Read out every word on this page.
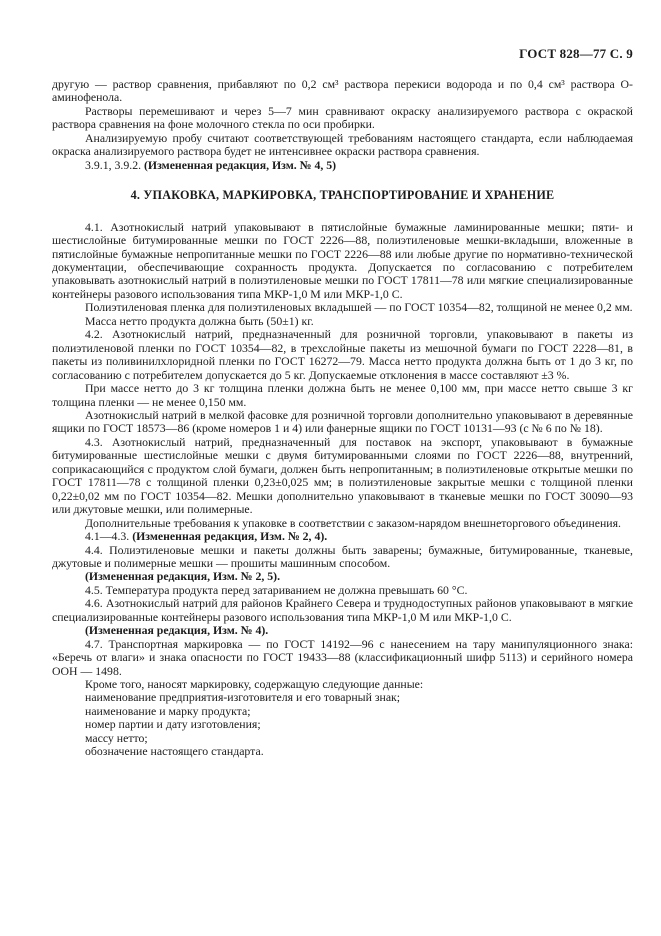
ГОСТ 828—77 С. 9

другую — раствор сравнения, прибавляют по 0,2 см³ раствора перекиси водорода и по 0,4 см³ раствора О-аминофенола.

Растворы перемешивают и через 5—7 мин сравнивают окраску анализируемого раствора с окраской раствора сравнения на фоне молочного стекла по оси пробирки.

Анализируемую пробу считают соответствующей требованиям настоящего стандарта, если наблюдаемая окраска анализируемого раствора будет не интенсивнее окраски раствора сравнения.

3.9.1, 3.9.2. (Измененная редакция, Изм. № 4, 5)

4. УПАКОВКА, МАРКИРОВКА, ТРАНСПОРТИРОВАНИЕ И ХРАНЕНИЕ

4.1. Азотнокислый натрий упаковывают в пятислойные бумажные ламинированные мешки; пяти- и шестислойные битумированные мешки по ГОСТ 2226—88, полиэтиленовые мешки-вкладыши, вложенные в пятислойные бумажные непропитанные мешки по ГОСТ 2226—88 или любые другие по нормативно-технической документации, обеспечивающие сохранность продукта. Допускается по согласованию с потребителем упаковывать азотнокислый натрий в полиэтиленовые мешки по ГОСТ 17811—78 или мягкие специализированные контейнеры разового использования типа МКР-1,0 М или МКР-1,0 С.

Полиэтиленовая пленка для полиэтиленовых вкладышей — по ГОСТ 10354—82, толщиной не менее 0,2 мм.

Масса нетто продукта должна быть (50±1) кг.

4.2. Азотнокислый натрий, предназначенный для розничной торговли, упаковывают в пакеты из полиэтиленовой пленки по ГОСТ 10354—82, в трехслойные пакеты из мешочной бумаги по ГОСТ 2228—81, в пакеты из поливинилхлоридной пленки по ГОСТ 16272—79. Масса нетто продукта должна быть от 1 до 3 кг, по согласованию с потребителем допускается до 5 кг. Допускаемые отклонения в массе составляют ±3 %.

При массе нетто до 3 кг толщина пленки должна быть не менее 0,100 мм, при массе нетто свыше 3 кг толщина пленки — не менее 0,150 мм.

Азотнокислый натрий в мелкой фасовке для розничной торговли дополнительно упаковывают в деревянные ящики по ГОСТ 18573—86 (кроме номеров 1 и 4) или фанерные ящики по ГОСТ 10131—93 (с № 6 по № 18).

4.3. Азотнокислый натрий, предназначенный для поставок на экспорт, упаковывают в бумажные битумированные шестислойные мешки с двумя битумированными слоями по ГОСТ 2226—88, внутренний, соприкасающийся с продуктом слой бумаги, должен быть непропитанным; в полиэтиленовые открытые мешки по ГОСТ 17811—78 с толщиной пленки 0,23±0,025 мм; в полиэтиленовые закрытые мешки с толщиной пленки 0,22±0,02 мм по ГОСТ 10354—82. Мешки дополнительно упаковывают в тканевые мешки по ГОСТ 30090—93 или джутовые мешки, или полимерные.

Дополнительные требования к упаковке в соответствии с заказом-нарядом внешнеторгового объединения.

4.1—4.3. (Измененная редакция, Изм. № 2, 4).

4.4. Полиэтиленовые мешки и пакеты должны быть заварены; бумажные, битумированные, тканевые, джутовые и полимерные мешки — прошиты машинным способом.

(Измененная редакция, Изм. № 2, 5).

4.5. Температура продукта перед затариванием не должна превышать 60 °С.

4.6. Азотнокислый натрий для районов Крайнего Севера и труднодоступных районов упаковывают в мягкие специализированные контейнеры разового использования типа МКР-1,0 М или МКР-1,0 С.

(Измененная редакция, Изм. № 4).

4.7. Транспортная маркировка — по ГОСТ 14192—96 с нанесением на тару манипуляционного знака: «Беречь от влаги» и знака опасности по ГОСТ 19433—88 (классификационный шифр 5113) и серийного номера ООН — 1498.

Кроме того, наносят маркировку, содержащую следующие данные:

наименование предприятия-изготовителя и его товарный знак;

наименование и марку продукта;

номер партии и дату изготовления;

массу нетто;

обозначение настоящего стандарта.
